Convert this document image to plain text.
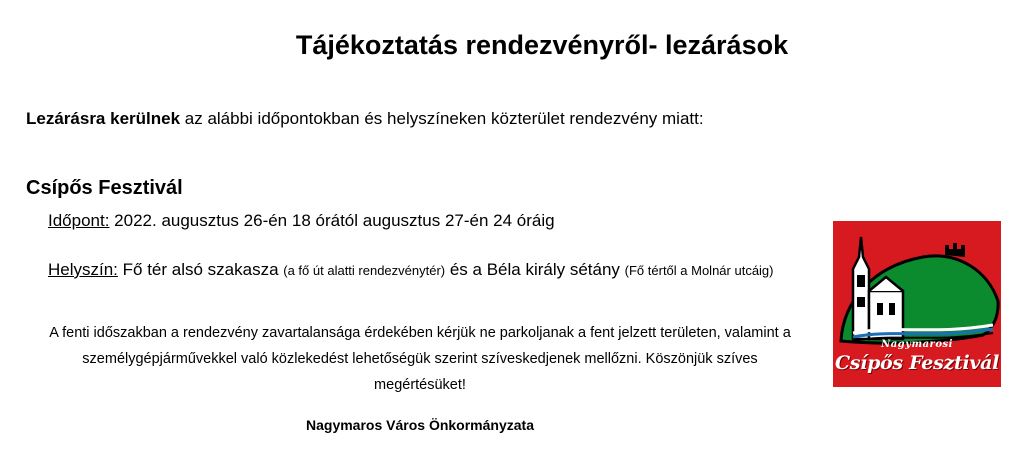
Tájékoztatás rendezvényről- lezárások

Lezárásra kerülnek az alábbi időpontokban és helyszíneken közterület rendezvény miatt:

Csípős Fesztivál

Időpont: 2022. augusztus 26-én 18 órától augusztus 27-én 24 óráig

Helyszín: Fő tér alsó szakasza (a fő út alatti rendezvénytér) és a Béla király sétány (Fő tértől a Molnár utcáig)

A fenti időszakban a rendezvény zavartalansága érdekében kérjük ne parkoljanak a fent jelzett területen, valamint a személygépjárművekkel való közlekedést lehetőségük szerint szíveskedjenek mellőzni. Köszönjük szíves megértésüket!

Nagymaros Város Önkormányzata

Nagymarosi
Csípős Fesztivál
